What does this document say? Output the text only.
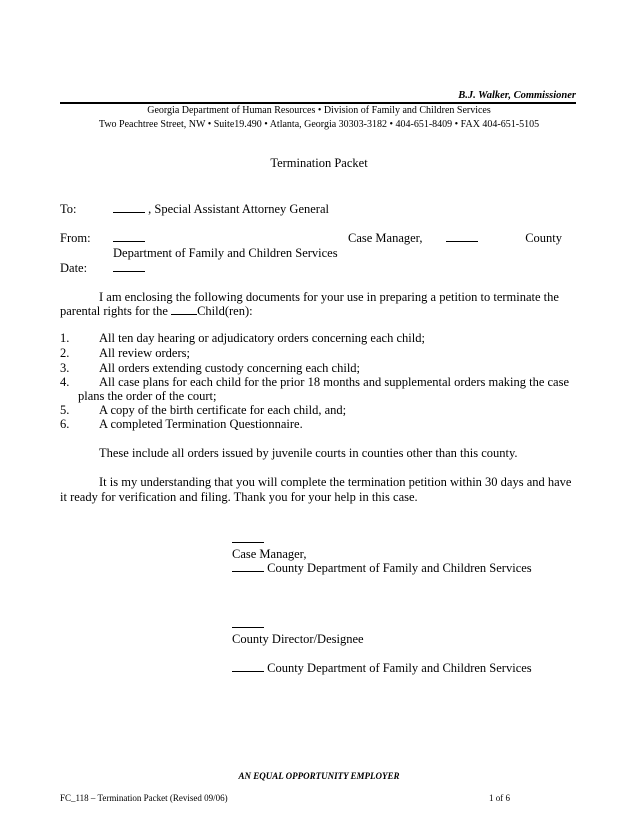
B.J. Walker, Commissioner
Georgia Department of Human Resources • Division of Family and Children Services
Two Peachtree Street, NW • Suite19.490 • Atlanta, Georgia 30303-3182 • 404-651-8409 • FAX 404-651-5105
Termination Packet
To:	, Special Assistant Attorney General
From:	Case Manager,	County
Department of Family and Children Services
Date:
I am enclosing the following documents for your use in preparing a petition to terminate the
parental rights for the Child(ren):
1. All ten day hearing or adjudicatory orders concerning each child;
2. All review orders;
3. All orders extending custody concerning each child;
4. All case plans for each child for the prior 18 months and supplemental orders making the case
plans the order of the court;
5. A copy of the birth certificate for each child, and;
6. A completed Termination Questionnaire.
These include all orders issued by juvenile courts in counties other than this county.
It is my understanding that you will complete the termination petition within 30 days and have
it ready for verification and filing. Thank you for your help in this case.
Case Manager,
County Department of Family and Children Services
County Director/Designee
County Department of Family and Children Services
AN EQUAL OPPORTUNITY EMPLOYER
FC_118 – Termination Packet (Revised 09/06)	1 of 6
